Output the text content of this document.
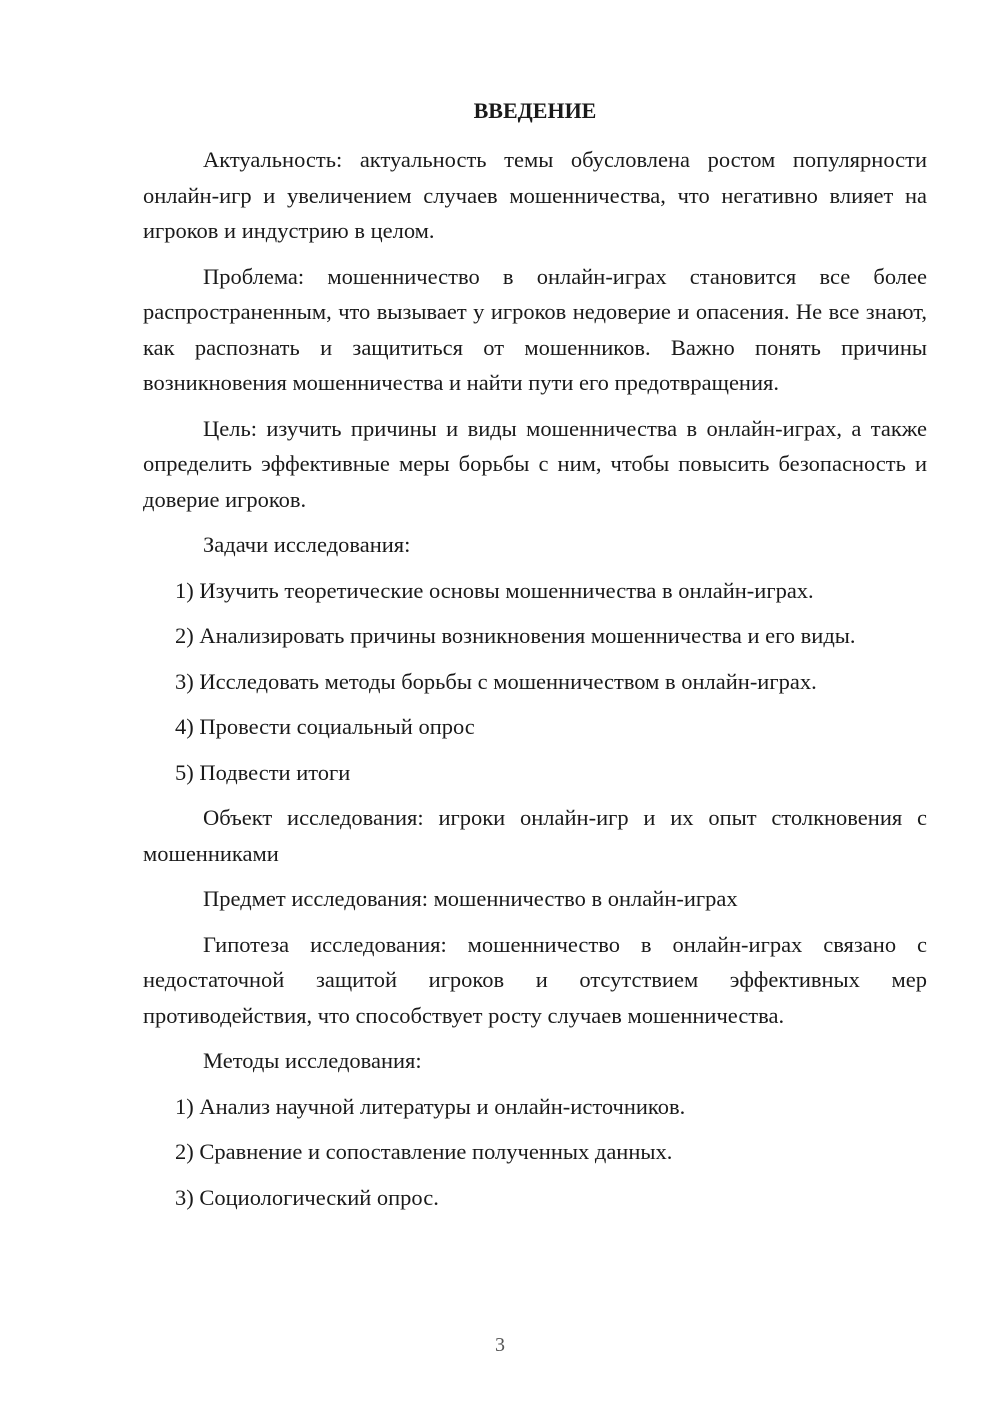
ВВЕДЕНИЕ

Актуальность: актуальность темы обусловлена ростом популярности онлайн-игр и увеличением случаев мошенничества, что негативно влияет на игроков и индустрию в целом.

Проблема: мошенничество в онлайн-играх становится все более распространенным, что вызывает у игроков недоверие и опасения. Не все знают, как распознать и защититься от мошенников. Важно понять причины возникновения мошенничества и найти пути его предотвращения.

Цель: изучить причины и виды мошенничества в онлайн-играх, а также определить эффективные меры борьбы с ним, чтобы повысить безопасность и доверие игроков.

Задачи исследования:

1) Изучить теоретические основы мошенничества в онлайн-играх.

2) Анализировать причины возникновения мошенничества и его виды.

3) Исследовать методы борьбы с мошенничеством в онлайн-играх.

4) Провести социальный опрос

5) Подвести итоги

Объект исследования: игроки онлайн-игр и их опыт столкновения с мошенниками

Предмет исследования: мошенничество в онлайн-играх

Гипотеза исследования: мошенничество в онлайн-играх связано с недостаточной защитой игроков и отсутствием эффективных мер противодействия, что способствует росту случаев мошенничества.

Методы исследования:

1) Анализ научной литературы и онлайн-источников.

2) Сравнение и сопоставление полученных данных.

3) Социологический опрос.

3
